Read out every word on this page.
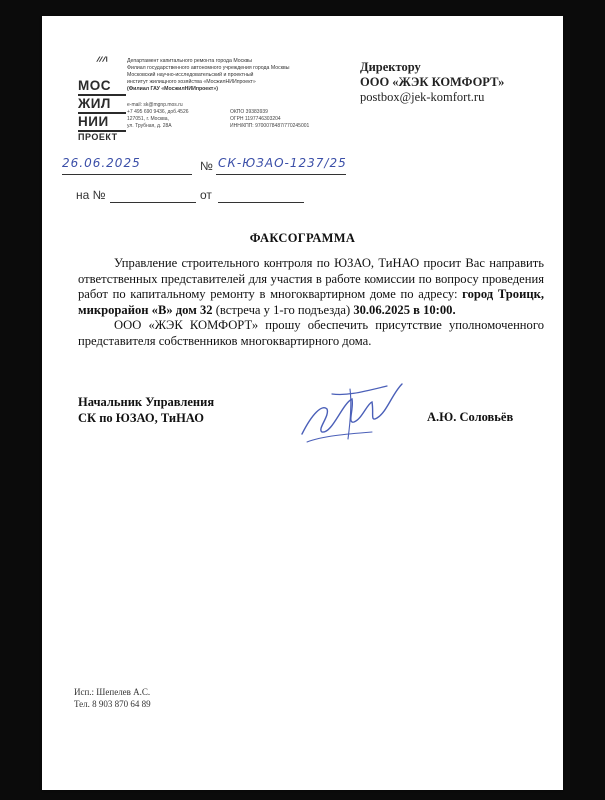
МОС
ЖИЛ
НИИ
ПРОЕКТ
Департамент капитального ремонта города Москвы
Филиал государственного автономного учреждения города Москвы
Московский научно-исследовательский и проектный
институт жилищного хозяйства «МосжилНИИпроект»
(Филиал ГАУ «МосжилНИИпроект»)
e-mail: sk@mgnp.mos.ru
+7 495 690 9436, доб.4526
127051, г. Москва,
ул. Трубная, д. 28А
ОКПО 39383939
ОГРН 1197746303204
ИНН/КПП: 9700078487/770245001
Директору
ООО «ЖЭК КОМФОРТ»
postbox@jek-komfort.ru
26.06.2025	№ СК-ЮЗАО-1237/25
на №	от
ФАКСОГРАММА

Управление строительного контроля по ЮЗАО, ТиНАО просит Вас направить ответственных представителей для участия в работе комиссии по вопросу проведения работ по капитальному ремонту в многоквартирном доме по адресу: город Троицк, микрорайон «В» дом 32 (встреча у 1-го подъезда) 30.06.2025 в 10:00.

ООО «ЖЭК КОМФОРТ» прошу обеспечить присутствие уполномоченного представителя собственников многоквартирного дома.

Начальник Управления
СК по ЮЗАО, ТиНАО	А.Ю. Соловьёв
Исп.: Шепелев А.С.
Тел. 8 903 870 64 89
